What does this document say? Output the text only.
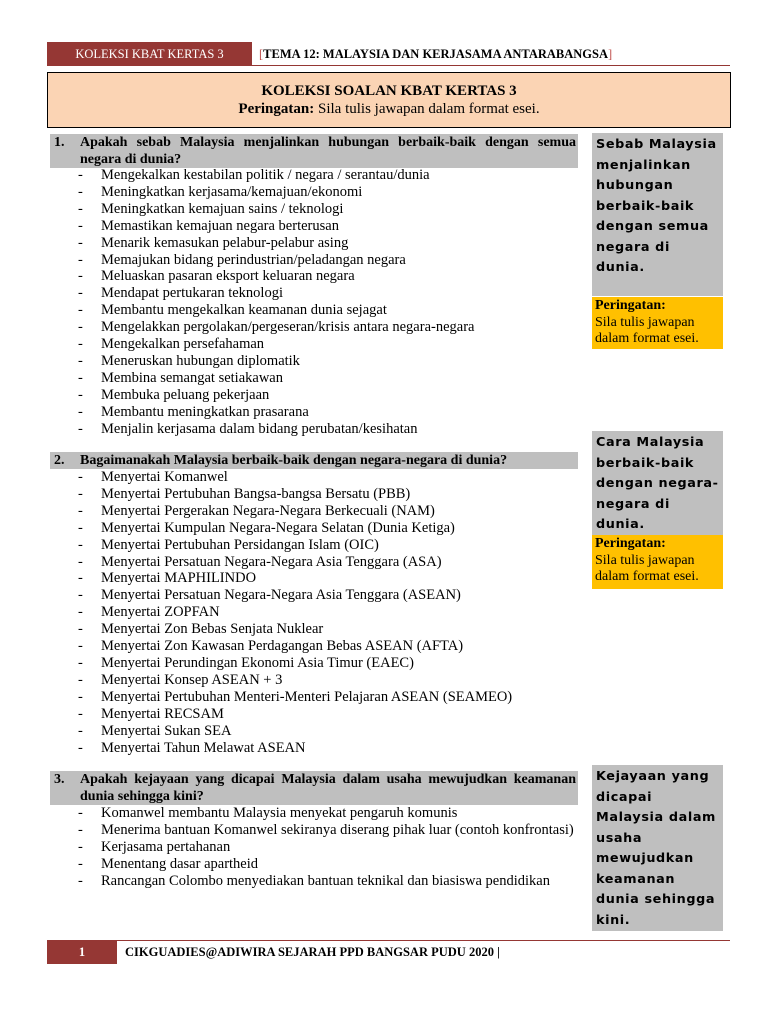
KOLEKSI KBAT KERTAS 3	[TEMA 12: MALAYSIA DAN KERJASAMA ANTARABANGSA]
KOLEKSI SOALAN KBAT KERTAS 3
Peringatan: Sila tulis jawapan dalam format esei.
1. Apakah sebab Malaysia menjalinkan hubungan berbaik-baik dengan semua negara di dunia?
- Mengekalkan kestabilan politik / negara / serantau/dunia
- Meningkatkan kerjasama/kemajuan/ekonomi
- Meningkatkan kemajuan sains / teknologi
- Memastikan kemajuan negara berterusan
- Menarik kemasukan pelabur-pelabur asing
- Memajukan bidang perindustrian/peladangan negara
- Meluaskan pasaran eksport keluaran negara
- Mendapat pertukaran teknologi
- Membantu mengekalkan keamanan dunia sejagat
- Mengelakkan pergolakan/pergeseran/krisis antara negara-negara
- Mengekalkan persefahaman
- Meneruskan hubungan diplomatik
- Membina semangat setiakawan
- Membuka peluang pekerjaan
- Membantu meningkatkan prasarana
- Menjalin kerjasama dalam bidang perubatan/kesihatan
Sebab Malaysia menjalinkan hubungan berbaik-baik dengan semua negara di dunia.
Peringatan:
Sila tulis jawapan dalam format esei.
2. Bagaimanakah Malaysia berbaik-baik dengan negara-negara di dunia?
- Menyertai Komanwel
- Menyertai Pertubuhan Bangsa-bangsa Bersatu (PBB)
- Menyertai Pergerakan Negara-Negara Berkecuali (NAM)
- Menyertai Kumpulan Negara-Negara Selatan (Dunia Ketiga)
- Menyertai Pertubuhan Persidangan Islam (OIC)
- Menyertai Persatuan Negara-Negara Asia Tenggara (ASA)
- Menyertai MAPHILINDO
- Menyertai Persatuan Negara-Negara Asia Tenggara (ASEAN)
- Menyertai ZOPFAN
- Menyertai Zon Bebas Senjata Nuklear
- Menyertai Zon Kawasan Perdagangan Bebas ASEAN (AFTA)
- Menyertai Perundingan Ekonomi Asia Timur (EAEC)
- Menyertai Konsep ASEAN + 3
- Menyertai Pertubuhan Menteri-Menteri Pelajaran ASEAN (SEAMEO)
- Menyertai RECSAM
- Menyertai Sukan SEA
- Menyertai Tahun Melawat ASEAN
Cara Malaysia berbaik-baik dengan negara-negara di dunia.
Peringatan:
Sila tulis jawapan dalam format esei.
3. Apakah kejayaan yang dicapai Malaysia dalam usaha mewujudkan keamanan dunia sehingga kini?
- Komanwel membantu Malaysia menyekat pengaruh komunis
- Menerima bantuan Komanwel sekiranya diserang pihak luar (contoh konfrontasi)
- Kerjasama pertahanan
- Menentang dasar apartheid
- Rancangan Colombo menyediakan bantuan teknikal dan biasiswa pendidikan
Kejayaan yang dicapai Malaysia dalam usaha mewujudkan keamanan dunia sehingga kini.
1	CIKGUADIES@ADIWIRA SEJARAH PPD BANGSAR PUDU 2020 |
